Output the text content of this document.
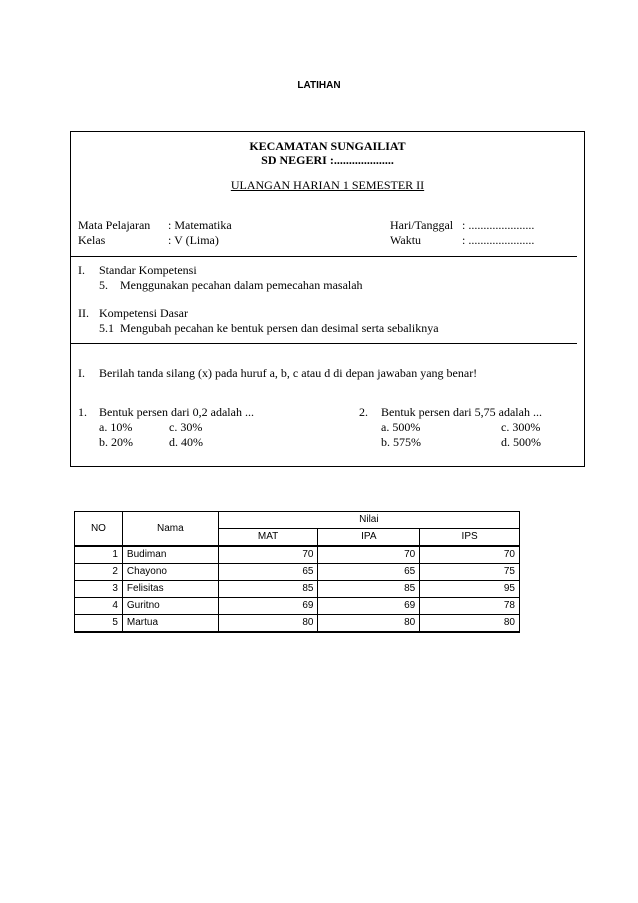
LATIHAN
KECAMATAN SUNGAILIAT
SD NEGERI :....................
ULANGAN HARIAN 1 SEMESTER II
Mata Pelajaran : Matematika	Hari/Tanggal : ......................
Kelas	: V (Lima)	Waktu	: ......................
I. Standar Kompetensi
5.    Menggunakan pecahan dalam pemecahan masalah
II. Kompetensi Dasar
5.1  Mengubah pecahan ke bentuk persen dan desimal serta sebaliknya
I. Berilah tanda silang (x) pada huruf a, b, c atau d di depan jawaban yang benar!
1. Bentuk persen dari 0,2 adalah ...
a. 10%	c. 30%
b. 20%	d. 40%
2. Bentuk persen dari 5,75 adalah ...
a. 500%	c. 300%
b. 575%	d. 500%
NO	Nama	Nilai		
		MAT	IPA	IPS
1	Budiman	70	70	70
2	Chayono	65	65	75
3	Felisitas	85	85	95
4	Guritno	69	69	78
5	Martua	80	80	80
